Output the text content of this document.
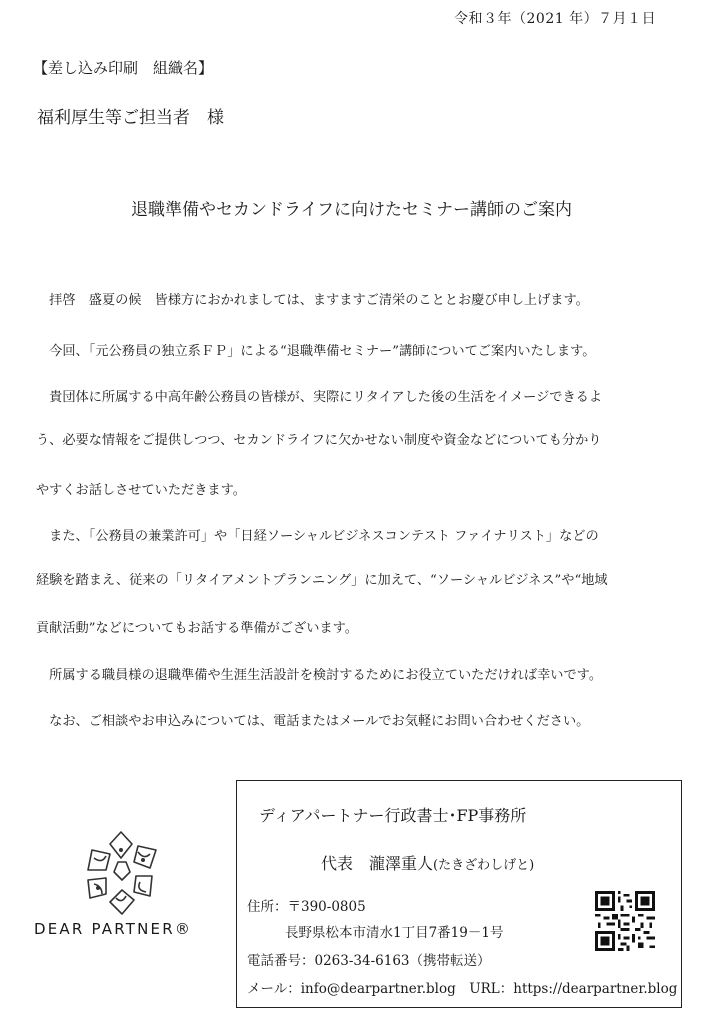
令和３年（2021 年）７月１日
【差し込み印刷　組織名】
福利厚生等ご担当者　様
退職準備やセカンドライフに向けたセミナー講師のご案内
　拝啓　盛夏の候　皆様方におかれましては、ますますご清栄のこととお慶び申し上げます。
　今回、「元公務員の独立系ＦＰ」による“退職準備セミナー”講師についてご案内いたします。
　貴団体に所属する中高年齢公務員の皆様が、実際にリタイアした後の生活をイメージできるよ
う、必要な情報をご提供しつつ、セカンドライフに欠かせない制度や資金などについても分かり
やすくお話しさせていただきます。
　また、「公務員の兼業許可」や「日経ソーシャルビジネスコンテスト ファイナリスト」などの
経験を踏まえ、従来の「リタイアメントプランニング」に加えて、“ソーシャルビジネス”や“地域
貢献活動”などについてもお話する準備がございます。
　所属する職員様の退職準備や生涯生活設計を検討するためにお役立ていただければ幸いです。
　なお、ご相談やお申込みについては、電話またはメールでお気軽にお問い合わせください。
DEAR PARTNER®
ディアパートナー行政書士･FP事務所
代表　瀧澤重人(たきざわしげと)
住所：〒390-0805
長野県松本市清水1丁目7番19－1号
電話番号：0263-34-6163（携帯転送）
メール：info@dearpartner.blog　URL：https://dearpartner.blog
